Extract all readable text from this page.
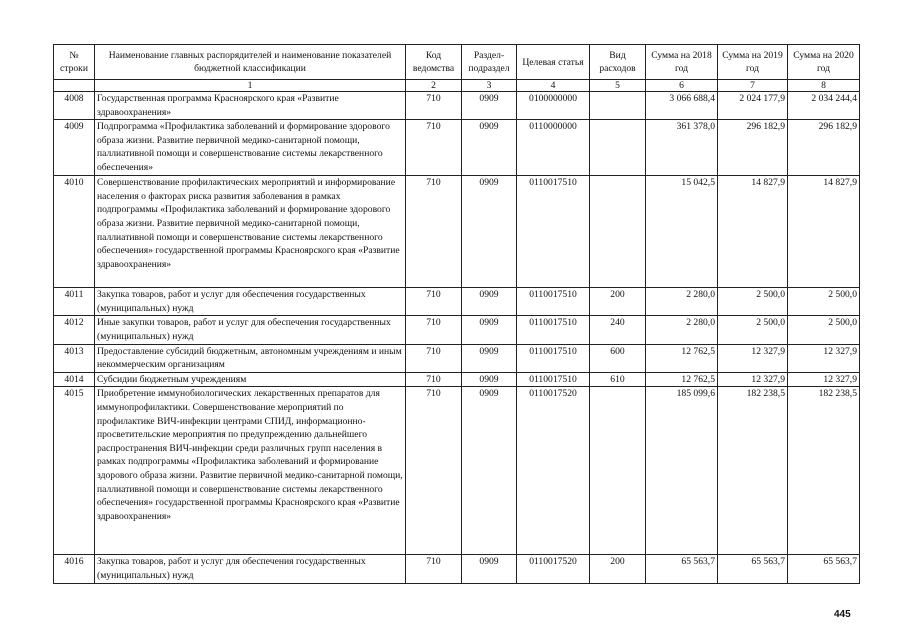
№ строки	Наименование главных распорядителей и наименование показателей бюджетной классификации	Код ведомства	Раздел-подраздел	Целевая статья	Вид расходов	Сумма на 2018 год	Сумма на 2019 год	Сумма на 2020 год
	1	2	3	4	5	6	7	8
4008	Государственная программа Красноярского края «Развитие здравоохранения»	710	0909	0100000000		3 066 688,4	2 024 177,9	2 034 244,4
4009	Подпрограмма «Профилактика заболеваний и формирование здорового образа жизни. Развитие первичной медико-санитарной помощи, паллиативной помощи и совершенствование системы лекарственного обеспечения»	710	0909	0110000000		361 378,0	296 182,9	296 182,9
4010	Совершенствование профилактических мероприятий и информирование населения о факторах риска развития заболевания в рамках подпрограммы «Профилактика заболеваний и формирование здорового образа жизни. Развитие первичной медико-санитарной помощи, паллиативной помощи и совершенствование системы лекарственного обеспечения» государственной программы Красноярского края «Развитие здравоохранения»	710	0909	0110017510		15 042,5	14 827,9	14 827,9
4011	Закупка товаров, работ и услуг для обеспечения государственных (муниципальных) нужд	710	0909	0110017510	200	2 280,0	2 500,0	2 500,0
4012	Иные закупки товаров, работ и услуг для обеспечения государственных (муниципальных) нужд	710	0909	0110017510	240	2 280,0	2 500,0	2 500,0
4013	Предоставление субсидий бюджетным, автономным учреждениям и иным некоммерческим организациям	710	0909	0110017510	600	12 762,5	12 327,9	12 327,9
4014	Субсидии бюджетным учреждениям	710	0909	0110017510	610	12 762,5	12 327,9	12 327,9
4015	Приобретение иммунобиологических лекарственных препаратов для иммунопрофилактики. Совершенствование мероприятий по профилактике ВИЧ-инфекции центрами СПИД, информационно-просветительские мероприятия по предупреждению дальнейшего распространения ВИЧ-инфекции среди различных групп населения в рамках подпрограммы «Профилактика заболеваний и формирование здорового образа жизни. Развитие первичной медико-санитарной помощи, паллиативной помощи и совершенствование системы лекарственного обеспечения» государственной программы Красноярского края «Развитие здравоохранения»	710	0909	0110017520		185 099,6	182 238,5	182 238,5
4016	Закупка товаров, работ и услуг для обеспечения государственных (муниципальных) нужд	710	0909	0110017520	200	65 563,7	65 563,7	65 563,7
445
